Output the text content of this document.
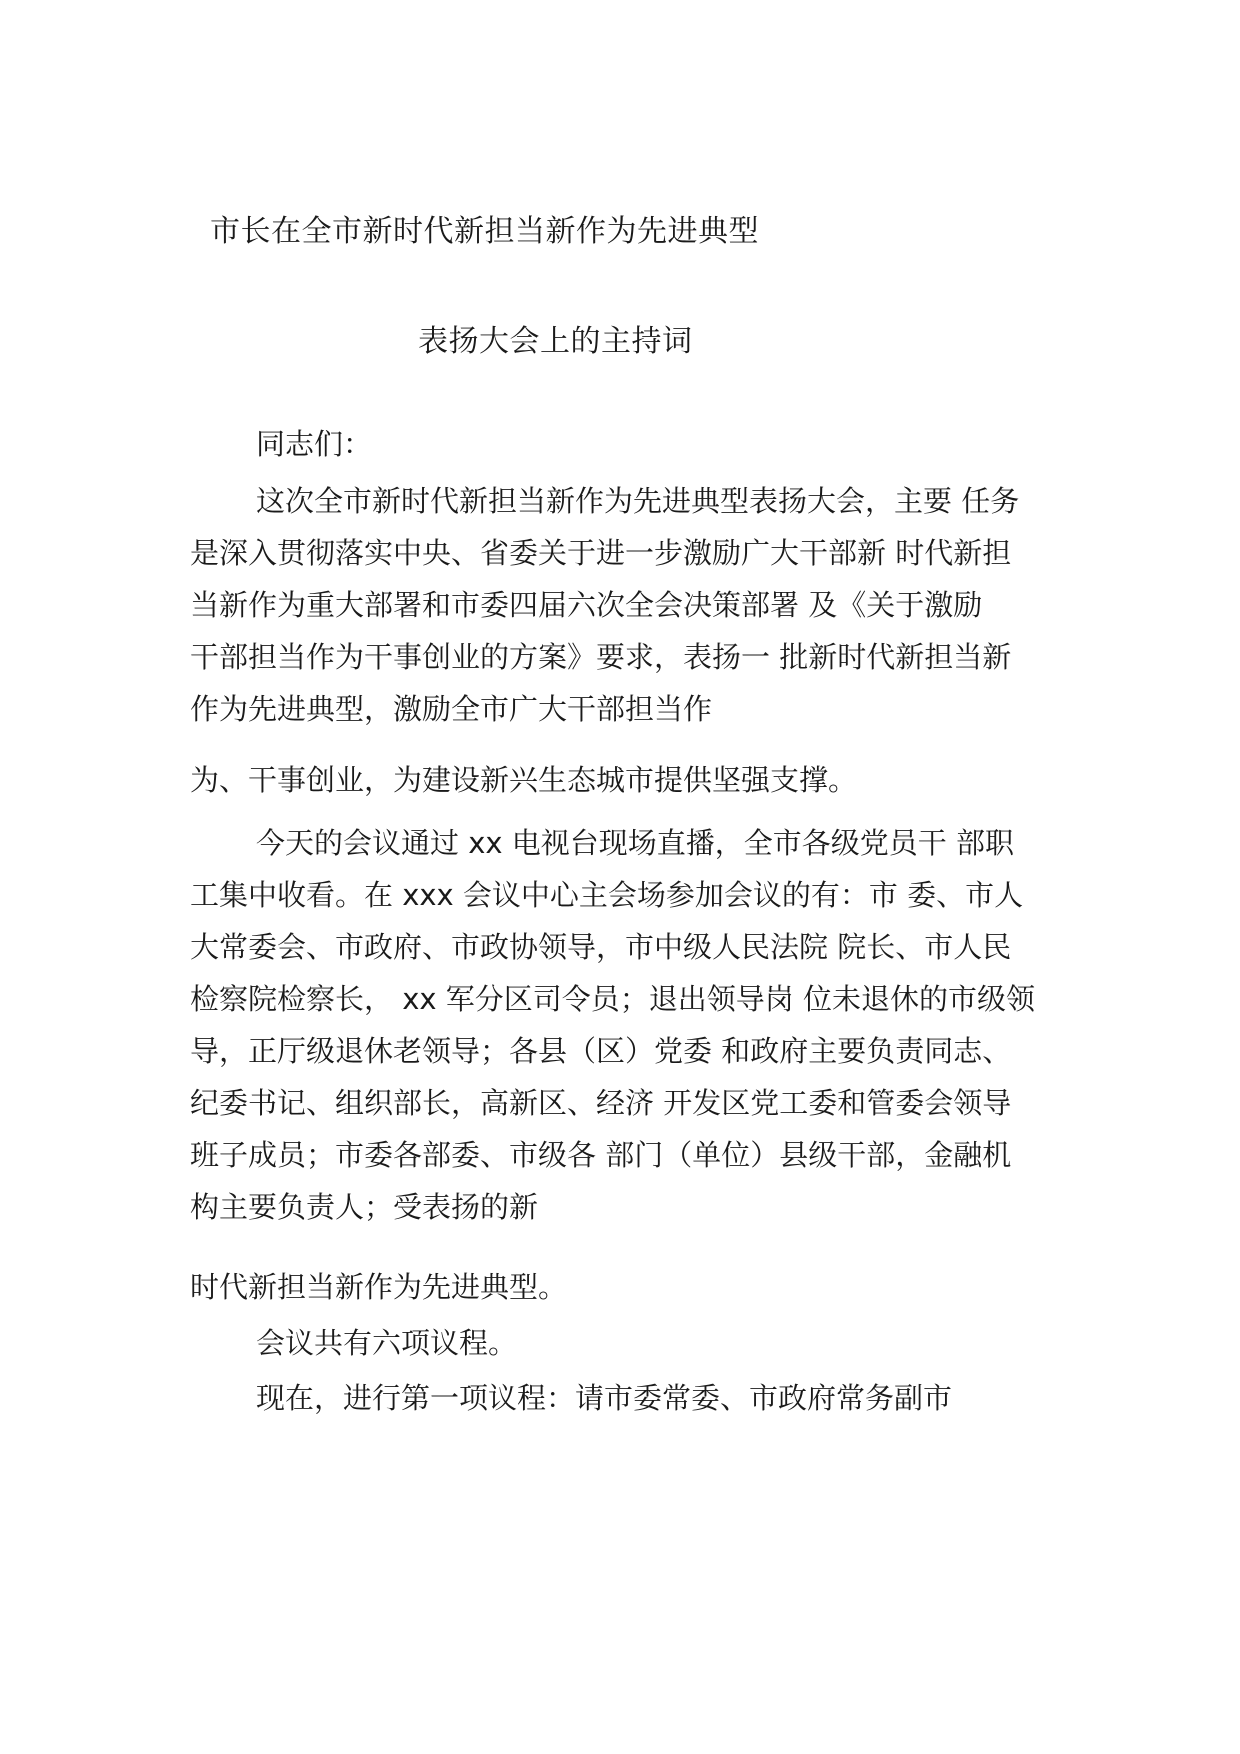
市长在全市新时代新担当新作为先进典型
表扬大会上的主持词

同志们：

这次全市新时代新担当新作为先进典型表扬大会，主要 任务
是深入贯彻落实中央、省委关于进一步激励广大干部新 时代新担
当新作为重大部署和市委四届六次全会决策部署 及《关于激励
干部担当作为干事创业的方案》要求，表扬一 批新时代新担当新
作为先进典型，激励全市广大干部担当作

为、干事创业，为建设新兴生态城市提供坚强支撑。

今天的会议通过 xx 电视台现场直播，全市各级党员干 部职
工集中收看。在 xxx 会议中心主会场参加会议的有：市 委、市人
大常委会、市政府、市政协领导，市中级人民法院 院长、市人民
检察院检察长， xx 军分区司令员；退出领导岗 位未退休的市级领
导，正厅级退休老领导；各县（区）党委 和政府主要负责同志、
纪委书记、组织部长，高新区、经济 开发区党工委和管委会领导
班子成员；市委各部委、市级各 部门（单位）县级干部，金融机
构主要负责人；受表扬的新

时代新担当新作为先进典型。

会议共有六项议程。

现在，进行第一项议程：请市委常委、市政府常务副市
